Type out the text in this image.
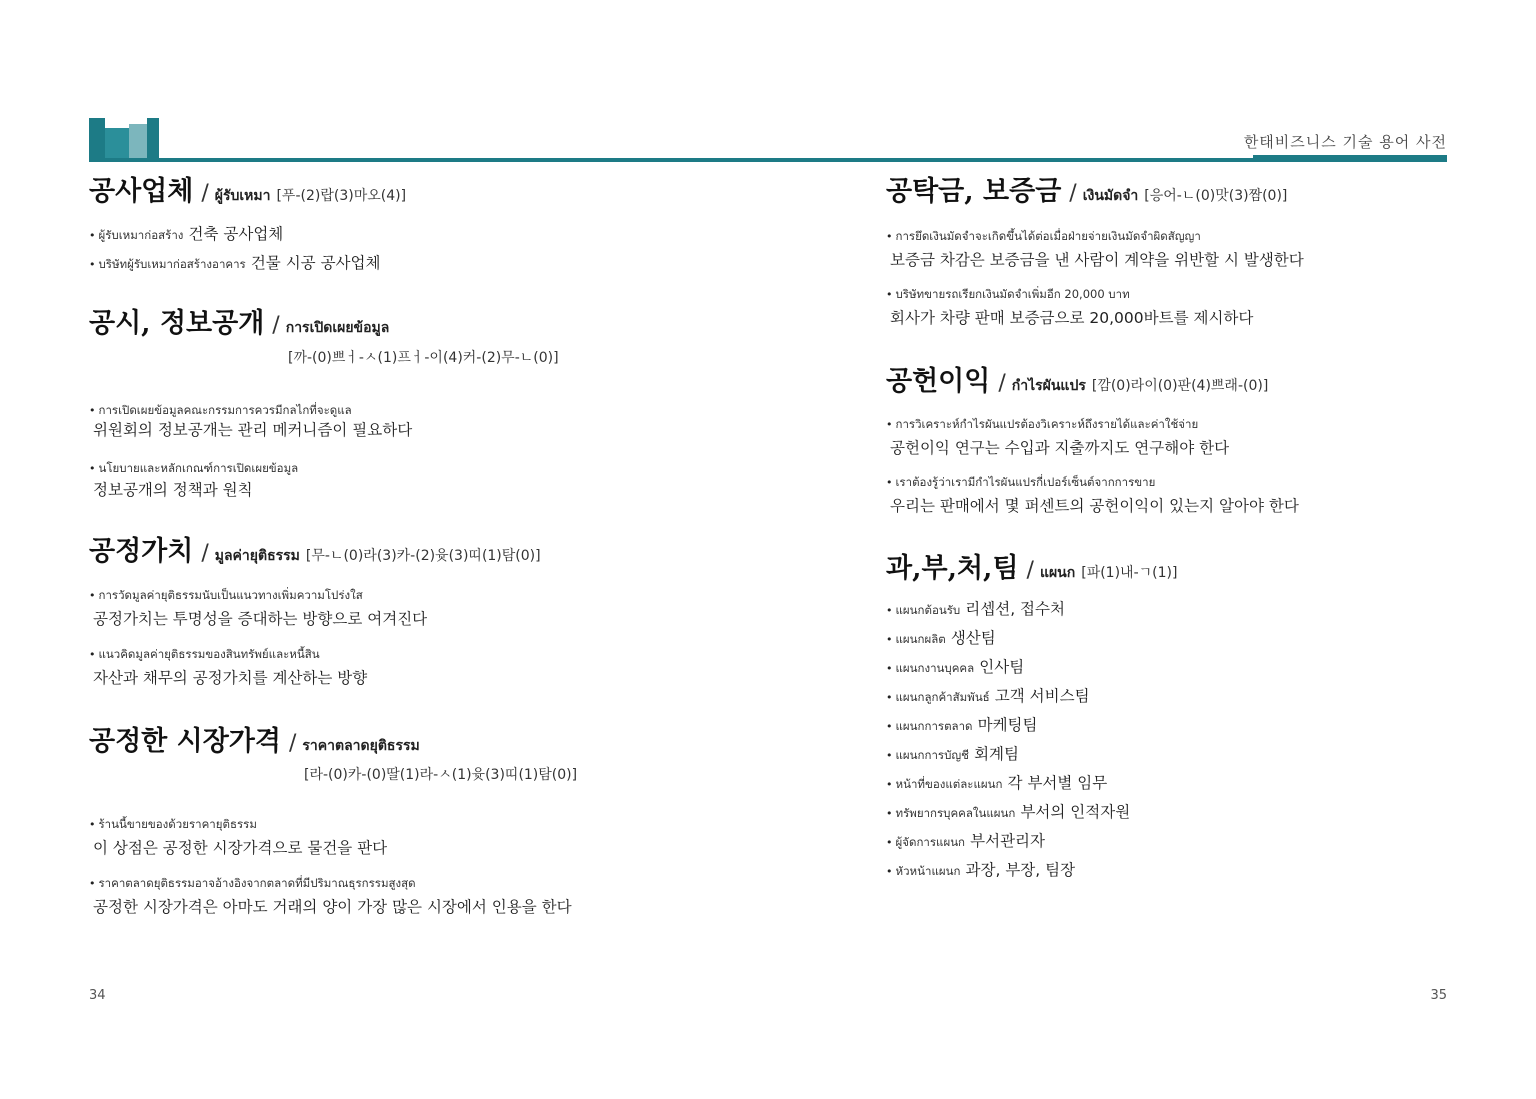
한태비즈니스 기술 용어 사전
공사업체 / ผู้รับเหมา [푸-(2)랍(3)마오(4)]
• ผู้รับเหมาก่อสร้าง 건축 공사업체
• บริษัทผู้รับเหมาก่อสร้างอาคาร 건물 시공 공사업체
공시, 정보공개 / การเปิดเผยข้อมูล
[까-(0)쁘ㅓ-ㅅ(1)프ㅓ-이(4)커-(2)무-ㄴ(0)]
• การเปิดเผยข้อมูลคณะกรรมการควรมีกลไกที่จะดูแล
위원회의 정보공개는 관리 메커니즘이 필요하다
• นโยบายและหลักเกณฑ์การเปิดเผยข้อมูล
정보공개의 정책과 원칙
공정가치 / มูลค่ายุติธรรม [무-ㄴ(0)라(3)카-(2)윳(3)띠(1)탐(0)]
• การวัดมูลค่ายุติธรรมนับเป็นแนวทางเพิ่มความโปร่งใส
공정가치는 투명성을 증대하는 방향으로 여겨진다
• แนวคิดมูลค่ายุติธรรมของสินทรัพย์และหนี้สิน
자산과 채무의 공정가치를 계산하는 방향
공정한 시장가격 / ราคาตลาดยุติธรรม
[라-(0)카-(0)딸(1)라-ㅅ(1)윳(3)띠(1)탐(0)]
• ร้านนี้ขายของด้วยราคายุติธรรม
이 상점은 공정한 시장가격으로 물건을 판다
• ราคาตลาดยุติธรรมอาจอ้างอิงจากตลาดที่มีปริมาณธุรกรรมสูงสุด
공정한 시장가격은 아마도 거래의 양이 가장 많은 시장에서 인용을 한다
공탁금, 보증금 / เงินมัดจำ [응어-ㄴ(0)맛(3)짬(0)]
• การยึดเงินมัดจำจะเกิดขึ้นได้ต่อเมื่อฝ่ายจ่ายเงินมัดจำผิดสัญญา
보증금 차감은 보증금을 낸 사람이 계약을 위반할 시 발생한다
• บริษัทขายรถเรียกเงินมัดจำเพิ่มอีก 20,000 บาท
회사가 차량 판매 보증금으로 20,000바트를 제시하다
공헌이익 / กำไรผันแปร [깜(0)라이(0)판(4)쁘래-(0)]
• การวิเคราะห์กำไรผันแปรต้องวิเคราะห์ถึงรายได้และค่าใช้จ่าย
공헌이익 연구는 수입과 지출까지도 연구해야 한다
• เราต้องรู้ว่าเรามีกำไรผันแปรกี่เปอร์เซ็นต์จากการขาย
우리는 판매에서 몇 퍼센트의 공헌이익이 있는지 알아야 한다
과,부,처,팀 / แผนก [파(1)내-ㄱ(1)]
• แผนกต้อนรับ 리셉션, 접수처
• แผนกผลิต 생산팀
• แผนกงานบุคคล 인사팀
• แผนกลูกค้าสัมพันธ์ 고객 서비스팀
• แผนกการตลาด 마케팅팀
• แผนกการบัญชี 회계팀
• หน้าที่ของแต่ละแผนก 각 부서별 임무
• ทรัพยากรบุคคลในแผนก 부서의 인적자원
• ผู้จัดการแผนก 부서관리자
• หัวหน้าแผนก 과장, 부장, 팀장
34	35
